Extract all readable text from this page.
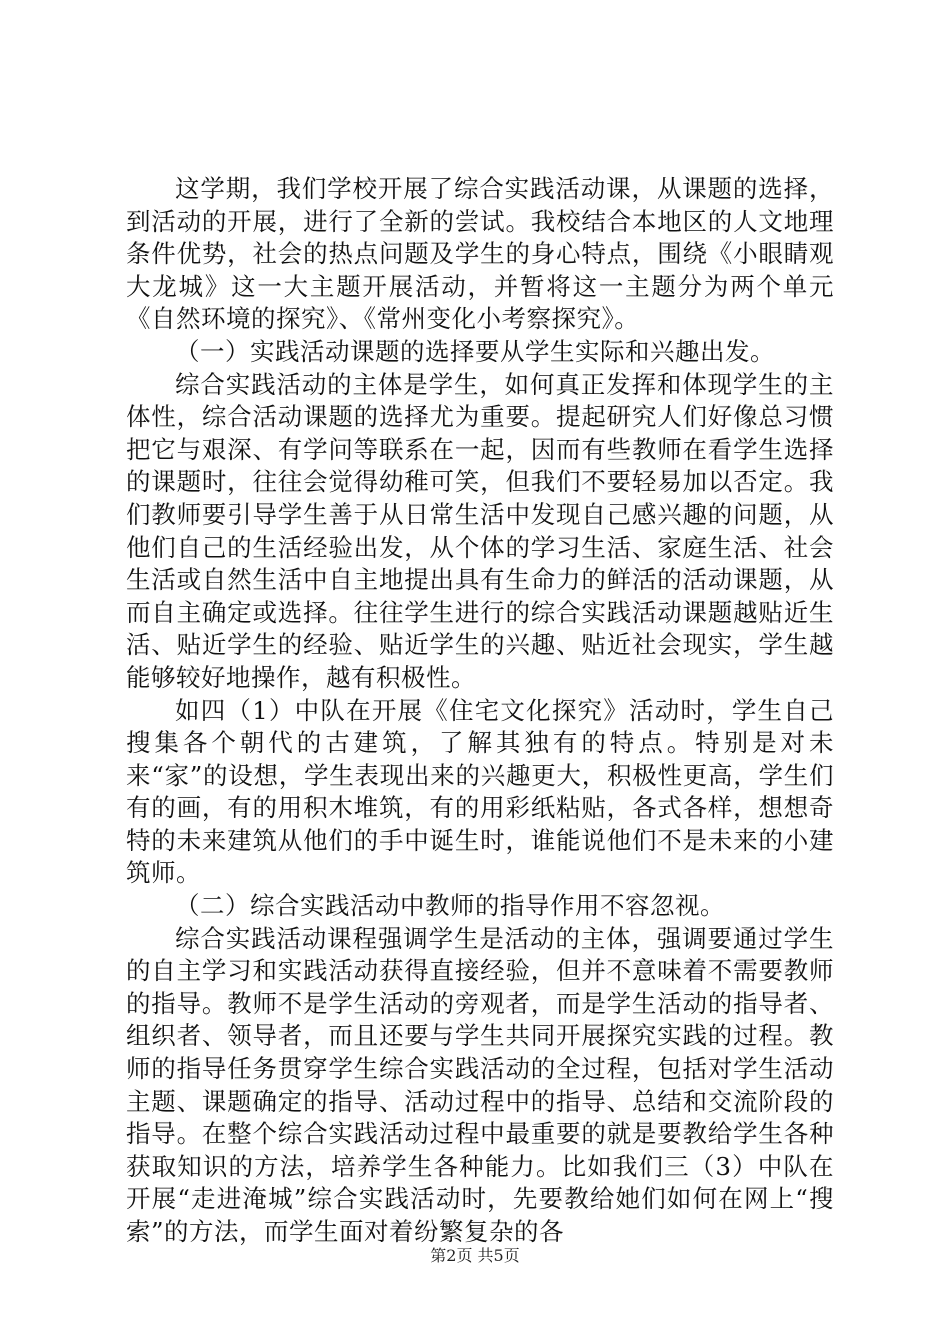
这学期，我们学校开展了综合实践活动课，从课题的选择，到活动的开展，进行了全新的尝试。我校结合本地区的人文地理条件优势，社会的热点问题及学生的身心特点，围绕《小眼睛观大龙城》这一大主题开展活动，并暂将这一主题分为两个单元《自然环境的探究》、《常州变化小考察探究》。

（一）实践活动课题的选择要从学生实际和兴趣出发。

综合实践活动的主体是学生，如何真正发挥和体现学生的主体性，综合活动课题的选择尤为重要。提起研究人们好像总习惯把它与艰深、有学问等联系在一起，因而有些教师在看学生选择的课题时，往往会觉得幼稚可笑，但我们不要轻易加以否定。我们教师要引导学生善于从日常生活中发现自己感兴趣的问题，从他们自己的生活经验出发，从个体的学习生活、家庭生活、社会生活或自然生活中自主地提出具有生命力的鲜活的活动课题，从而自主确定或选择。往往学生进行的综合实践活动课题越贴近生活、贴近学生的经验、贴近学生的兴趣、贴近社会现实，学生越能够较好地操作，越有积极性。

如四（1）中队在开展《住宅文化探究》活动时，学生自己搜集各个朝代的古建筑，了解其独有的特点。特别是对未来“家”的设想，学生表现出来的兴趣更大，积极性更高，学生们有的画，有的用积木堆筑，有的用彩纸粘贴，各式各样，想想奇特的未来建筑从他们的手中诞生时，谁能说他们不是未来的小建筑师。

（二）综合实践活动中教师的指导作用不容忽视。

综合实践活动课程强调学生是活动的主体，强调要通过学生的自主学习和实践活动获得直接经验，但并不意味着不需要教师的指导。教师不是学生活动的旁观者，而是学生活动的指导者、组织者、领导者，而且还要与学生共同开展探究实践的过程。教师的指导任务贯穿学生综合实践活动的全过程，包括对学生活动主题、课题确定的指导、活动过程中的指导、总结和交流阶段的指导。在整个综合实践活动过程中最重要的就是要教给学生各种获取知识的方法，培养学生各种能力。比如我们三（3）中队在开展“走进淹城”综合实践活动时，先要教给她们如何在网上“搜索”的方法，而学生面对着纷繁复杂的各

第2页 共5页
